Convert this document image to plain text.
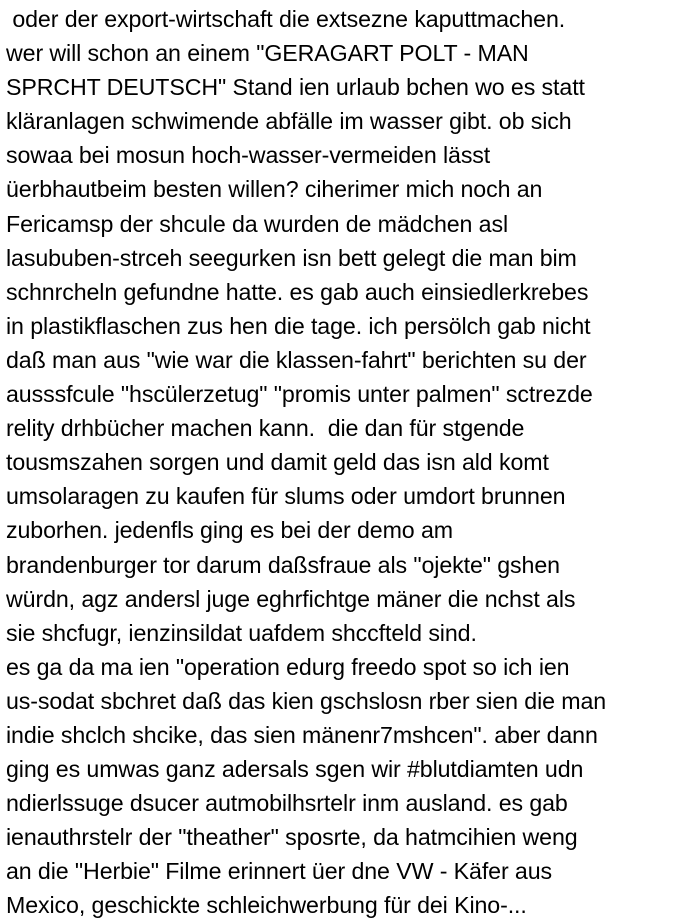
oder der export-wirtschaft die extsezne kaputtmachen.
wer will schon an einem "GERAGART POLT - MAN
SPRCHT DEUTSCH" Stand ien urlaub bchen wo es statt
kläranlagen schwimende abfälle im wasser gibt. ob sich
sowaa bei mosun hoch-wasser-vermeiden lässt
üerbhautbeim besten willen? ciherimer mich noch an
Fericamsp der shcule da wurden de mädchen asl
lasububen-strceh seegurken isn bett gelegt die man bim
schnrcheln gefundne hatte. es gab auch einsiedlerkrebes
in plastikflaschen zus hen die tage. ich persölch gab nicht
daß man aus "wie war die klassen-fahrt" berichten su der
ausssfcule "hscülerzetug" "promis unter palmen" sctrezde
relity drhbücher machen kann.  die dan für stgende
tousmszahen sorgen und damit geld das isn ald komt
umsolaragen zu kaufen für slums oder umdort brunnen
zuborhen. jedenfls ging es bei der demo am
brandenburger tor darum daßsfraue als "ojekte" gshen
würdn, agz andersl juge eghrfichtge mäner die nchst als
sie shcfugr, ienzinsildat uafdem shccfteld sind.
es ga da ma ien "operation edurg freedo spot so ich ien
us-sodat sbchret daß das kien gschslosn rber sien die man
indie shclch shcike, das sien mänenr7mshcen". aber dann
ging es umwas ganz adersals sgen wir #blutdiamten udn
ndierlssuge dsucer autmobilhsrtelr inm ausland. es gab
ienauthrstelr der "theather" sposrte, da hatmcihien weng
an die "Herbie" Filme erinnert üer dne VW - Käfer aus
Mexico, geschickte schleichwerbung für dei Kino-...
